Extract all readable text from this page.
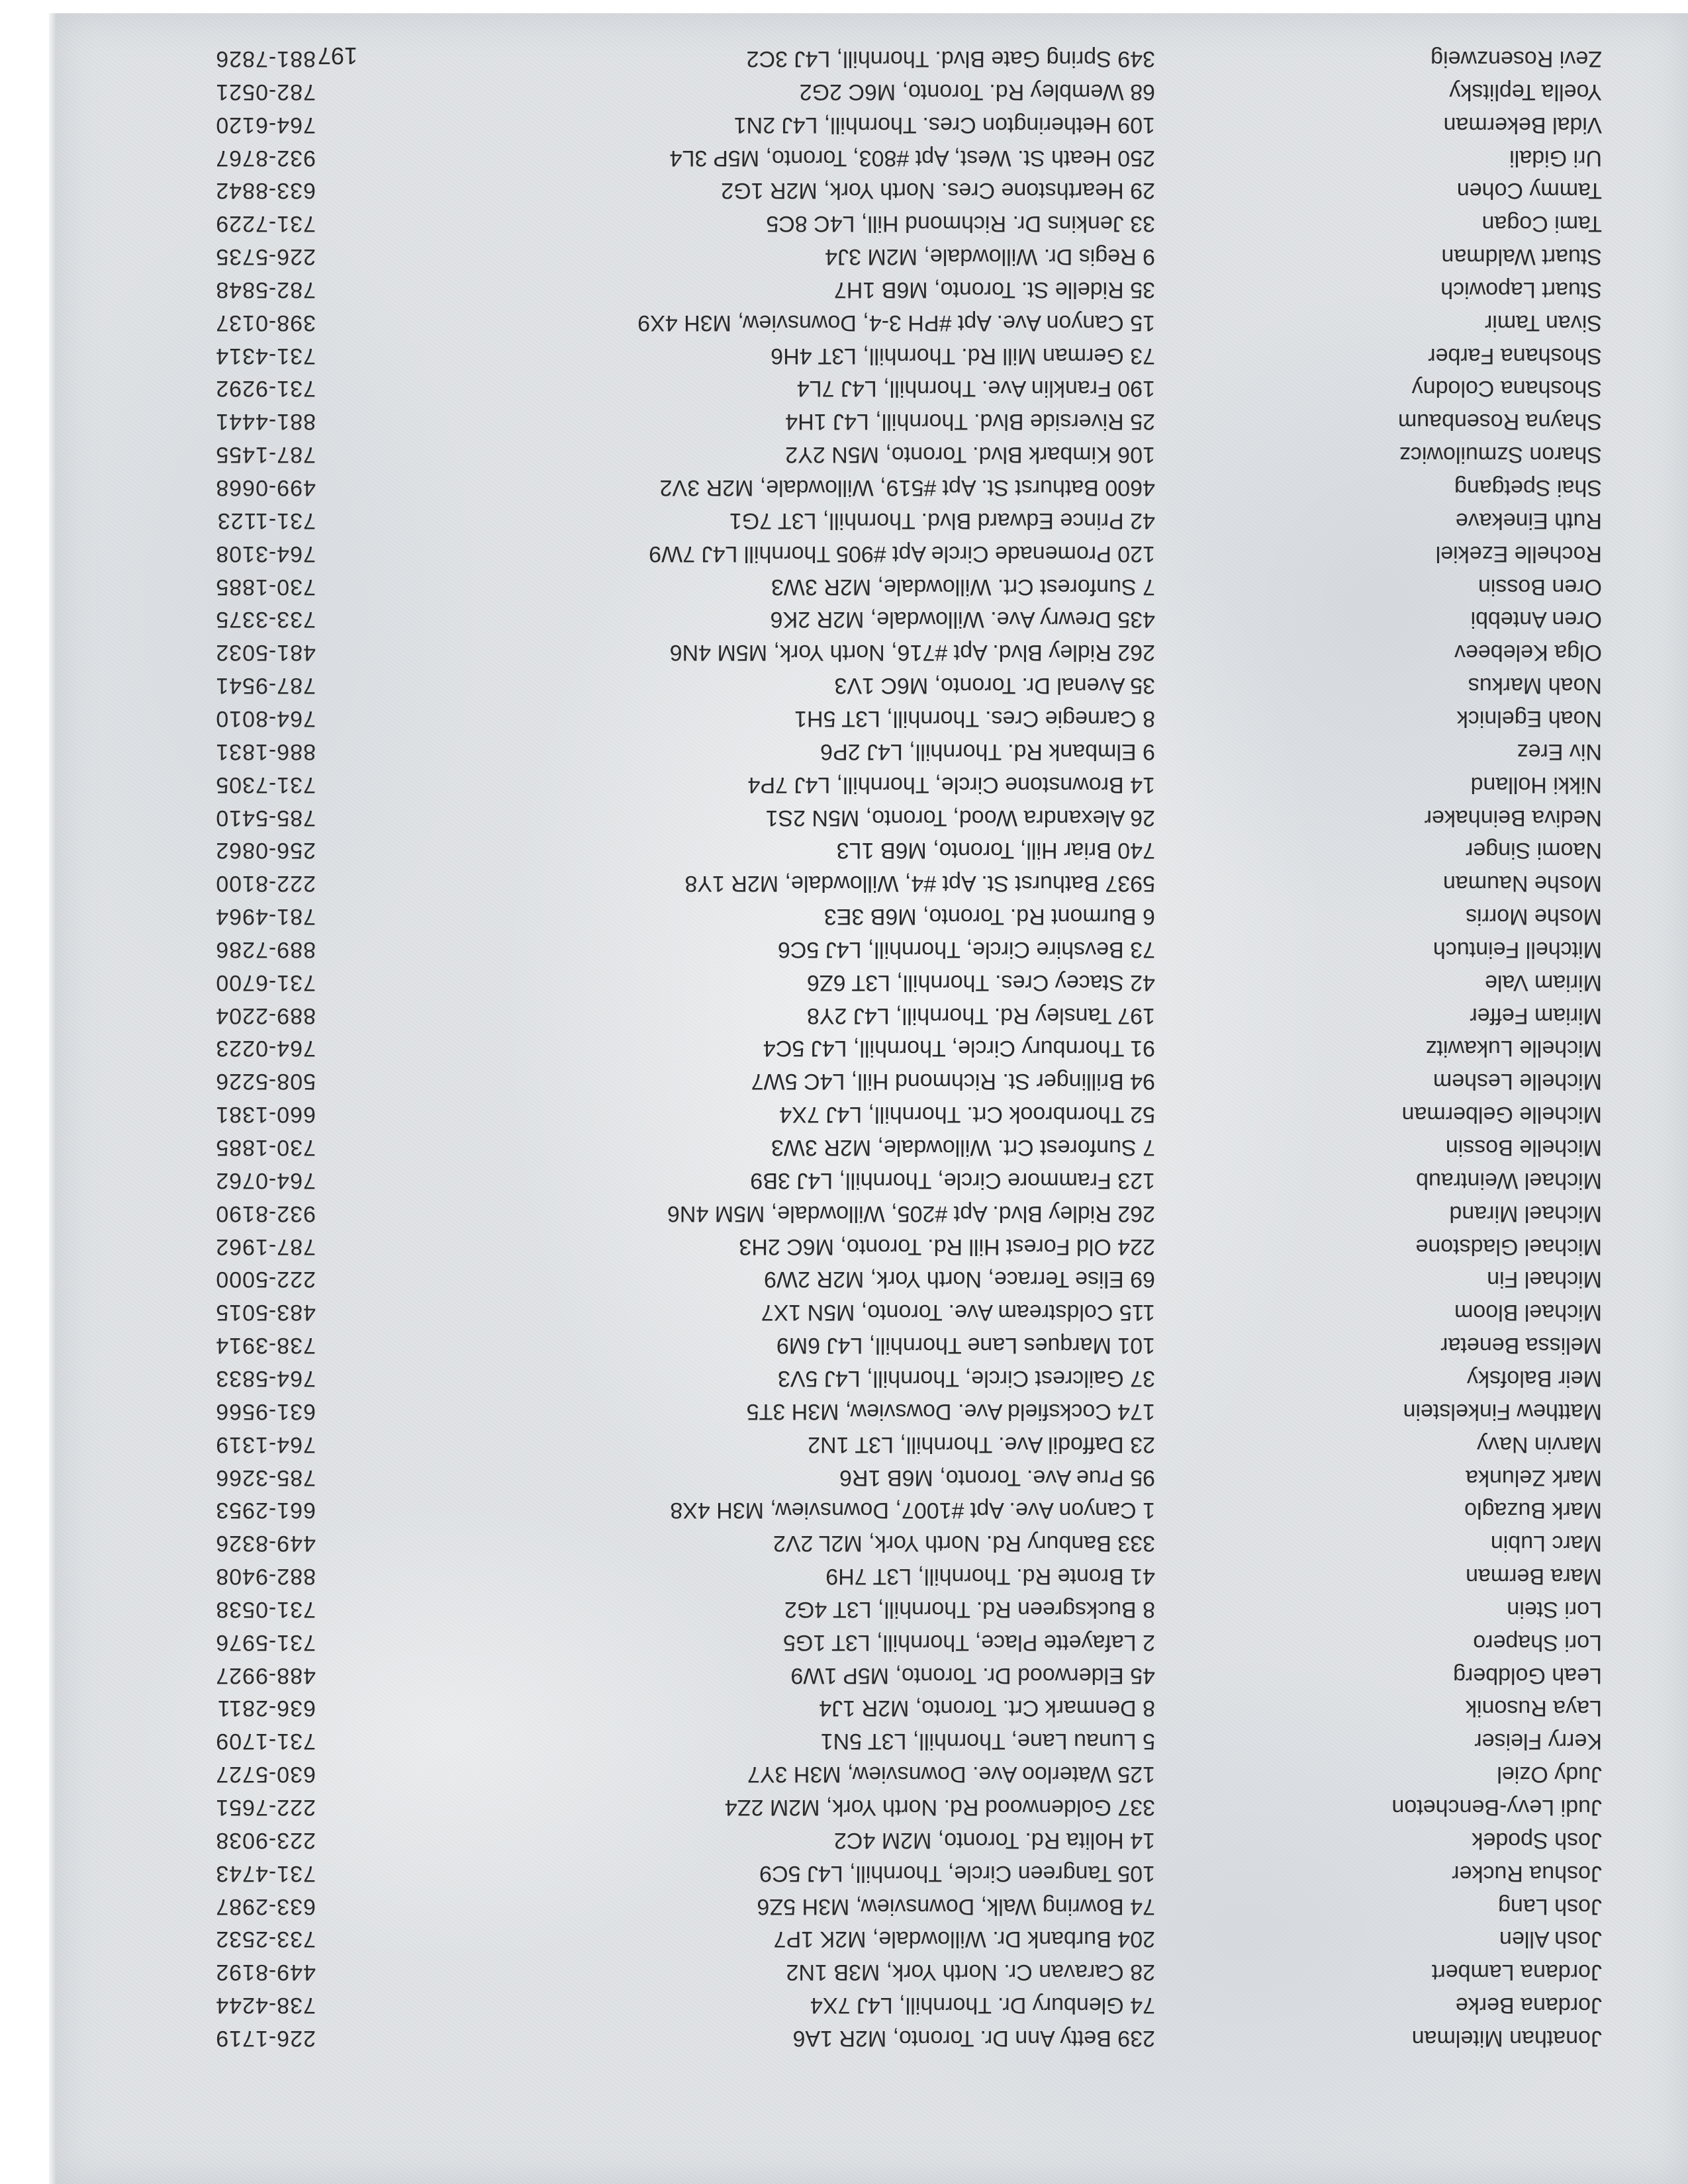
Jonathan Mitelman
239 Betty Ann Dr. Toronto, M2R 1A6
226-1719
Jordana Berke
74 Glenbury Dr. Thornhill, L4J 7X4
738-4244
Jordana Lambert
28 Caravan Cr. North York, M3B 1N2
449-8192
Josh Allen
204 Burbank Dr. Willowdale, M2K 1P7
733-2532
Josh Lang
74 Bowring Walk, Downsview, M3H 5Z6
633-2987
Joshua Rucker
105 Tangreen Circle, Thornhill, L4J 5C9
731-4743
Josh Spodek
14 Holita Rd. Toronto, M2M 4C2
223-9038
Judi Levy-Bencheton
337 Goldenwood Rd. North York, M2M 2Z4
222-7651
Judy Oziel
125 Waterloo Ave. Downsview, M3H 3Y7
630-5727
Kerry Fleiser
5 Lunau Lane, Thornhill, L3T 5N1
731-1709
Laya Rusonik
8 Denmark Crt. Toronto, M2R 1J4
636-2811
Leah Goldberg
45 Elderwood Dr. Toronto, M5P 1W9
488-9927
Lori Shapero
2 Lafayette Place, Thornhill, L3T 1G5
731-5976
Lori Stein
8 Bucksgreen Rd. Thornhill, L3T 4G2
731-0538
Mara Berman
41 Bronte Rd. Thornhill, L3T 7H9
882-9408
Marc Lubin
333 Banbury Rd. North York, M2L 2V2
449-8326
Mark Buzaglo
1 Canyon Ave. Apt #1007, Downsview, M3H 4X8
661-2953
Mark Zelunka
95 Prue Ave. Toronto, M6B 1R6
785-3266
Marvin Navy
23 Daffodil Ave. Thornhill, L3T 1N2
764-1319
Matthew Finkelstein
174 Cocksfield Ave. Dowsview, M3H 3T5
631-9566
Meir Balofsky
37 Gailcrest Circle, Thornhill, L4J 5V3
764-5833
Melissa Benetar
101 Marques Lane Thornhill, L4J 6M9
738-3914
Michael Bloom
115 Coldstream Ave. Toronto, M5N 1X7
483-5015
Michael Fin
69 Elise Terrace, North York, M2R 2W9
222-5000
Michael Gladstone
224 Old Forest Hill Rd. Toronto, M6C 2H3
787-1962
Michael Mirand
262 Ridley Blvd. Apt #205, Willowdale, M5M 4N6
932-8190
Michael Weintraub
123 Frammore Circle, Thornhill, L4J 3B9
764-0762
Michelle Bossin
7 Sunforest Crt. Willowdale, M2R 3W3
730-1885
Michelle Gelberman
52 Thornbrook Crt. Thornhill, L4J 7X4
660-1381
Michelle Leshem
94 Brillinger St. Richmond Hill, L4C 5W7
508-5226
Michelle Lukawitz
91 Thornbury Circle, Thornhill, L4J 5C4
764-0223
Miriam Feffer
197 Tansley Rd. Thornhill, L4J 2Y8
889-2204
Miriam Vale
42 Stacey Cres. Thornhill, L3T 6Z6
731-6700
Mitchell Feintuch
73 Bevshire Circle, Thornhill, L4J 5C6
889-7286
Moshe Morris
6 Burmont Rd. Toronto, M6B 3E3
781-4964
Moshe Nauman
5937 Bathurst St. Apt #4, Willowdale, M2R 1Y8
222-8100
Naomi Singer
740 Briar Hill, Toronto, M6B 1L3
256-0862
Nediva Beinhaker
26 Alexandra Wood, Toronto, M5N 2S1
785-5410
Nikki Holland
14 Brownstone Circle, Thornhill, L4J 7P4
731-7305
Niv Erez
9 Elmbank Rd. Thornhill, L4J 2P6
886-1831
Noah Egelnick
8 Carnegie Cres. Thornhill, L3T 5H1
764-8010
Noah Markus
35 Avenal Dr. Toronto, M6C 1V3
787-9541
Olga Kelebeev
262 Ridley Blvd. Apt #716, North York, M5M 4N6
481-5032
Oren Antebbi
435 Drewry Ave. Willowdale, M2R 2K6
733-3375
Oren Bossin
7 Sunforest Crt. Willowdale, M2R 3W3
730-1885
Rochelle Ezekiel
120 Promenade Circle Apt #905 Thornhill L4J 7W9
764-3108
Ruth Einekave
42 Prince Edward Blvd. Thornhill, L3T 7G1
731-1123
Shai Spetgang
4600 Bathurst St. Apt #519, Willowdale, M2R 3V2
499-0668
Sharon Szmuilowicz
106 Kimbark Blvd. Toronto, M5N 2Y2
787-1455
Shayna Rosenbaum
25 Riverside Blvd. Thornhill, L4J 1H4
881-4441
Shoshana Colodny
190 Franklin Ave. Thornhill, L4J 7L4
731-9292
Shoshana Farber
73 German Mill Rd. Thornhill, L3T 4H6
731-4314
Sivan Tamir
15 Canyon Ave. Apt #PH 3-4, Downsview, M3H 4X9
398-0137
Stuart Lapowich
35 Ridelle St. Toronto, M6B 1H7
782-5848
Stuart Waldman
9 Regis Dr. Willowdale, M2M 3J4
226-5735
Tami Cogan
33 Jenkins Dr. Richmond Hill, L4C 8C5
731-7229
Tammy Cohen
29 Hearthstone Cres. North York, M2R 1G2
633-8842
Uri Gidali
250 Heath St. West, Apt #803, Toronto, M5P 3L4
932-8767
Vidal Bekerman
109 Hetherington Cres. Thornhill, L4J 2N1
764-6120
Yoella Teplitsky
68 Wembley Rd. Toronto, M6C 2G2
782-0521
Zevi Rosenzweig
349 Spring Gate Blvd. Thornhill, L4J 3C2
881-7826 197
